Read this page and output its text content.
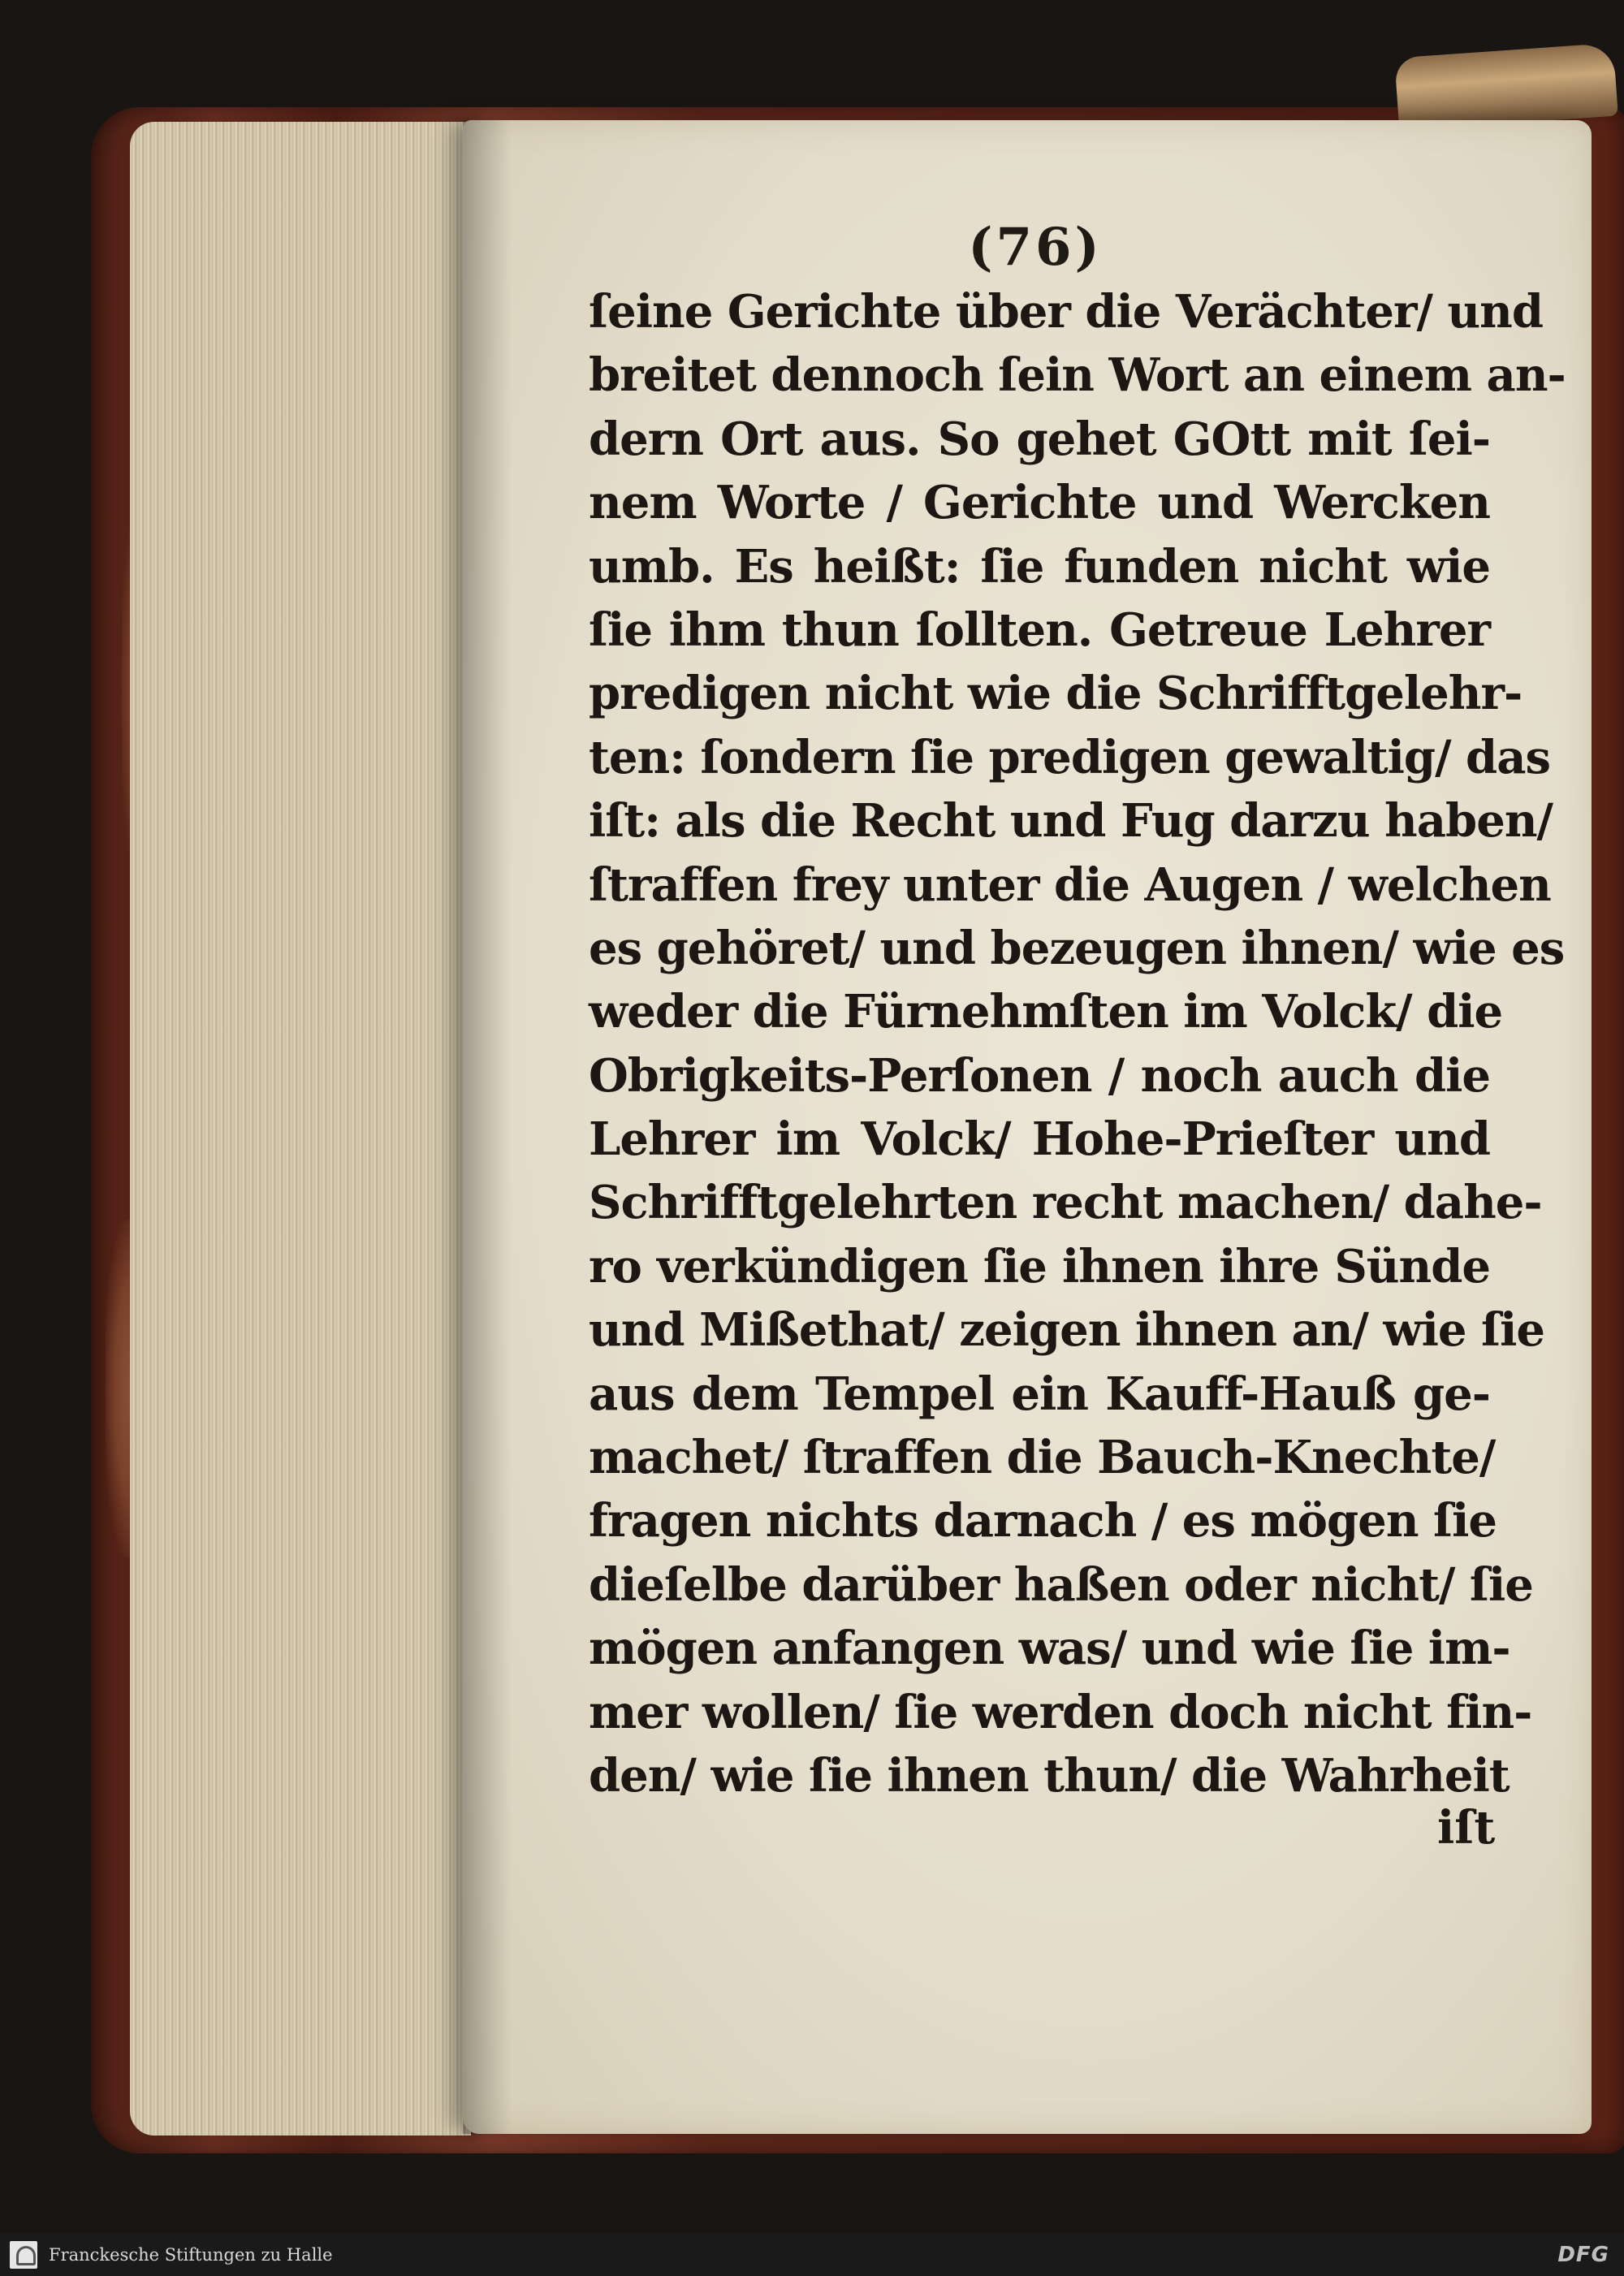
(76)
ſeine Gerichte über die Verächter/ und
breitet dennoch ſein Wort an einem an-
dern Ort aus. So gehet GOtt mit ſei-
nem Worte / Gerichte und Wercken
umb. Es heißt: ſie funden nicht wie
ſie ihm thun ſollten. Getreue Lehrer
predigen nicht wie die Schrifftgelehr-
ten: ſondern ſie predigen gewaltig/ das
iſt: als die Recht und Fug darzu haben/
ſtraffen frey unter die Augen / welchen
es gehöret/ und bezeugen ihnen/ wie es
weder die Fürnehmſten im Volck/ die
Obrigkeits-Perſonen / noch auch die
Lehrer im Volck/ Hohe-Prieſter und
Schrifftgelehrten recht machen/ dahe-
ro verkündigen ſie ihnen ihre Sünde
und Mißethat/ zeigen ihnen an/ wie ſie
aus dem Tempel ein Kauff-Hauß ge-
machet/ ſtraffen die Bauch-Knechte/
fragen nichts darnach / es mögen ſie
dieſelbe darüber haßen oder nicht/ ſie
mögen anfangen was/ und wie ſie im-
mer wollen/ ſie werden doch nicht fin-
den/ wie ſie ihnen thun/ die Wahrheit
iſt
Franckesche Stiftungen zu Halle	DFG
